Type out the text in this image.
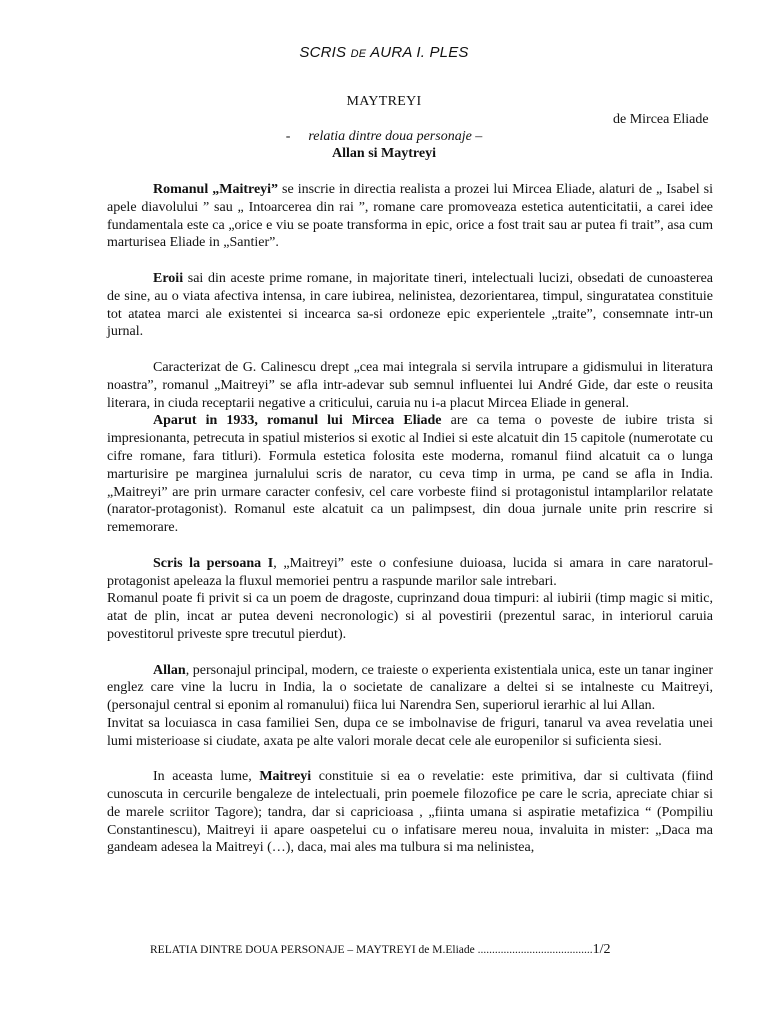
SCRIS DE AURA I. PLES
MAYTREYI
de Mircea Eliade
- relatia dintre doua personaje –
Allan si Maytreyi

Romanul „Maitreyi” se inscrie in directia realista a prozei lui Mircea Eliade, alaturi de „ Isabel si apele diavolului ” sau „ Intoarcerea din rai ”, romane care promoveaza estetica autenticitatii, a carei idee fundamentala este ca „orice e viu se poate transforma in epic, orice a fost trait sau ar putea fi trait”, asa cum marturisea Eliade in „Santier”.

Eroii sai din aceste prime romane, in majoritate tineri, intelectuali lucizi, obsedati de cunoasterea de sine, au o viata afectiva intensa, in care iubirea, nelinistea, dezorientarea, timpul, singuratatea constituie tot atatea marci ale existentei si incearca sa-si ordoneze epic experientele „traite”, consemnate intr-un jurnal.

Caracterizat de G. Calinescu drept „cea mai integrala si servila intrupare a gidismului in literatura noastra”, romanul „Maitreyi” se afla intr-adevar sub semnul influentei lui André Gide, dar este o reusita literara, in ciuda receptarii negative a criticului, caruia nu i-a placut Mircea Eliade in general.

Aparut in 1933, romanul lui Mircea Eliade are ca tema o poveste de iubire trista si impresionanta, petrecuta in spatiul misterios si exotic al Indiei si este alcatuit din 15 capitole (numerotate cu cifre romane, fara titluri). Formula estetica folosita este moderna, romanul fiind alcatuit ca o lunga marturisire pe marginea jurnalului scris de narator, cu ceva timp in urma, pe cand se afla in India. „Maitreyi” are prin urmare caracter confesiv, cel care vorbeste fiind si protagonistul intamplarilor relatate (narator-protagonist). Romanul este alcatuit ca un palimpsest, din doua jurnale unite prin rescrire si rememorare.

Scris la persoana I, „Maitreyi” este o confesiune duioasa, lucida si amara in care naratorul-protagonist apeleaza la fluxul memoriei pentru a raspunde marilor sale intrebari.

Romanul poate fi privit si ca un poem de dragoste, cuprinzand doua timpuri: al iubirii (timp magic si mitic, atat de plin, incat ar putea deveni necronologic) si al povestirii (prezentul sarac, in interiorul caruia povestitorul priveste spre trecutul pierdut).

Allan, personajul principal, modern, ce traieste o experienta existentiala unica, este un tanar inginer englez care vine la lucru in India, la o societate de canalizare a deltei si se intalneste cu Maitreyi, (personajul central si eponim al romanului) fiica lui Narendra Sen, superiorul ierarhic al lui Allan.

Invitat sa locuiasca in casa familiei Sen, dupa ce se imbolnavise de friguri, tanarul va avea revelatia unei lumi misterioase si ciudate, axata pe alte valori morale decat cele ale europenilor si suficienta siesi.

In aceasta lume, Maitreyi constituie si ea o revelatie: este primitiva, dar si cultivata (fiind cunoscuta in cercurile bengaleze de intelectuali, prin poemele filozofice pe care le scria, apreciate chiar si de marele scriitor Tagore); tandra, dar si capricioasa , „fiinta umana si aspiratie metafizica “ (Pompiliu Constantinescu), Maitreyi ii apare oaspetelui cu o infatisare mereu noua, invaluita in mister: „Daca ma gandeam adesea la Maitreyi (…), daca, mai ales ma tulbura si ma nelinistea,

RELATIA DINTRE DOUA PERSONAJE – MAYTREYI de M.Eliade ........................................1/2
